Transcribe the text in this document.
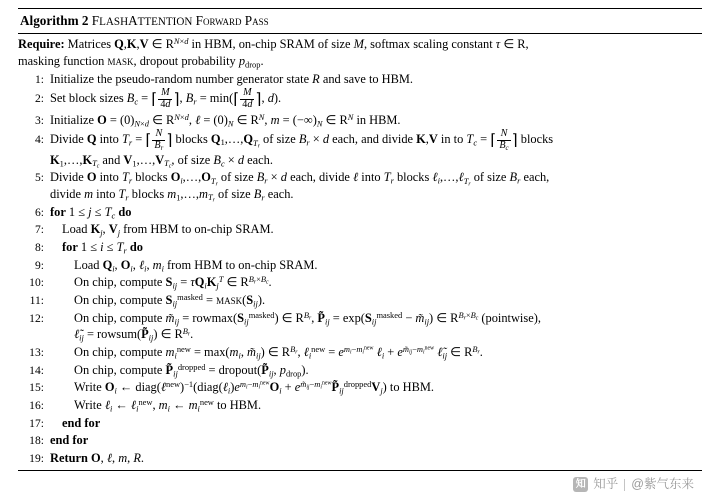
Algorithm 2 FLASHATTENTION Forward Pass
Require: Matrices Q,K,V ∈ $R^{N\times d}$ in HBM, on-chip SRAM of size M, softmax scaling constant τ ∈ R,
masking function mask, dropout probability $p_{drop}$.
1: Initialize the pseudo-random number generator state R and save to HBM.
2: Set block sizes $B_c$ = ⌈ $\frac{M}{4d}$ ⌉, $B_r$ = min(⌈ $\frac{M}{4d}$ ⌉, d).
3: Initialize $O = (0)_{N\times d}$ ∈ $R^{N\times d}$, ℓ = $(0)_N$ ∈ $R^N$, $m = (-\infty)_N$ ∈ $R^N$ in HBM.
4: Divide Q into $T_r$ = ⌈ $\frac{N}{B_r}$ ⌉ blocks $Q_1,\dots,Q_{T_r}$ of size $B_r \times d$ each, and divide K,V in to $T_c$ = ⌈ $\frac{N}{B_c}$ ⌉ blocks
$K_1,\dots,K_{T_c}$ and $V_1,\dots,V_{T_c}$, of size $B_c \times d$ each.
5: Divide O into $T_r$ blocks $O_i,\dots,O_{T_r}$ of size $B_r \times d$ each, divide ℓ into $T_r$ blocks ℓ$_i$,…,ℓ$_{T_r}$ of size $B_r$ each,
divide m into $T_r$ blocks $m_1,\dots,m_{T_r}$ of size $B_r$ each.
6: for $1 \le j \le T_c$ do
7:	Load $K_j$, $V_j$ from HBM to on-chip SRAM.
8:	for $1 \le i \le T_r$ do
9:	Load $Q_i$, $O_i$, ℓ$_i$, $m_i$ from HBM to on-chip SRAM.
10:	On chip, compute $S_{ij} = \tau Q_iK_j^T$ ∈ $R^{B_r\times B_c}$.
11:	On chip, compute $S_{ij}^{masked}$ = $mask(S_{ij})$.
12:	On chip, compute $m̃_{ij} = rowmax(S_{ij}^{masked})$ ∈ $R^{B_r}$, $P̃_{ij} = \exp(S_{ij}^{masked}$ − $m̃_{ij}$) ∈ $R^{B_r\times B_c}$ (pointwise),
$\ell̃_{ij}$ = $rowsum(P̃_{ij})$ ∈ $R^{B_r}$.
13:	On chip, compute $m_i^{new} = \max(m_i$, $m̃_{ij}$) ∈ $R^{B_r}$, ℓ$_i^{new}$ = $e^{m_i-m_i^{new}}$ ℓ$_i$ + $e^{m̃_{ij}-m_i^{new}}$ $\ell̃_{ij}$ ∈ $R^{B_r}$.
14:	On chip, compute $P̃_{ij}^{dropped}$ = $dropout(P̃_{ij}$, $p_{drop}$).
15:	Write $O_i$ ← $diag(\ell^{new})^{-1}(diag(\ell_i)e^{m_i-m_i^{new}}O_i$ + $e^{m̃_{ij}-m_i^{new}}P̃_{ij}^{dropped}V_j$) to HBM.
16:	Write ℓ$_i$ ← ℓ$_i^{new}$, $m_i$ ← $m_i^{new}$ to HBM.
17:	end for
18: end for
19: Return O, ℓ, m, R.
知 知乎 @紫气东来
